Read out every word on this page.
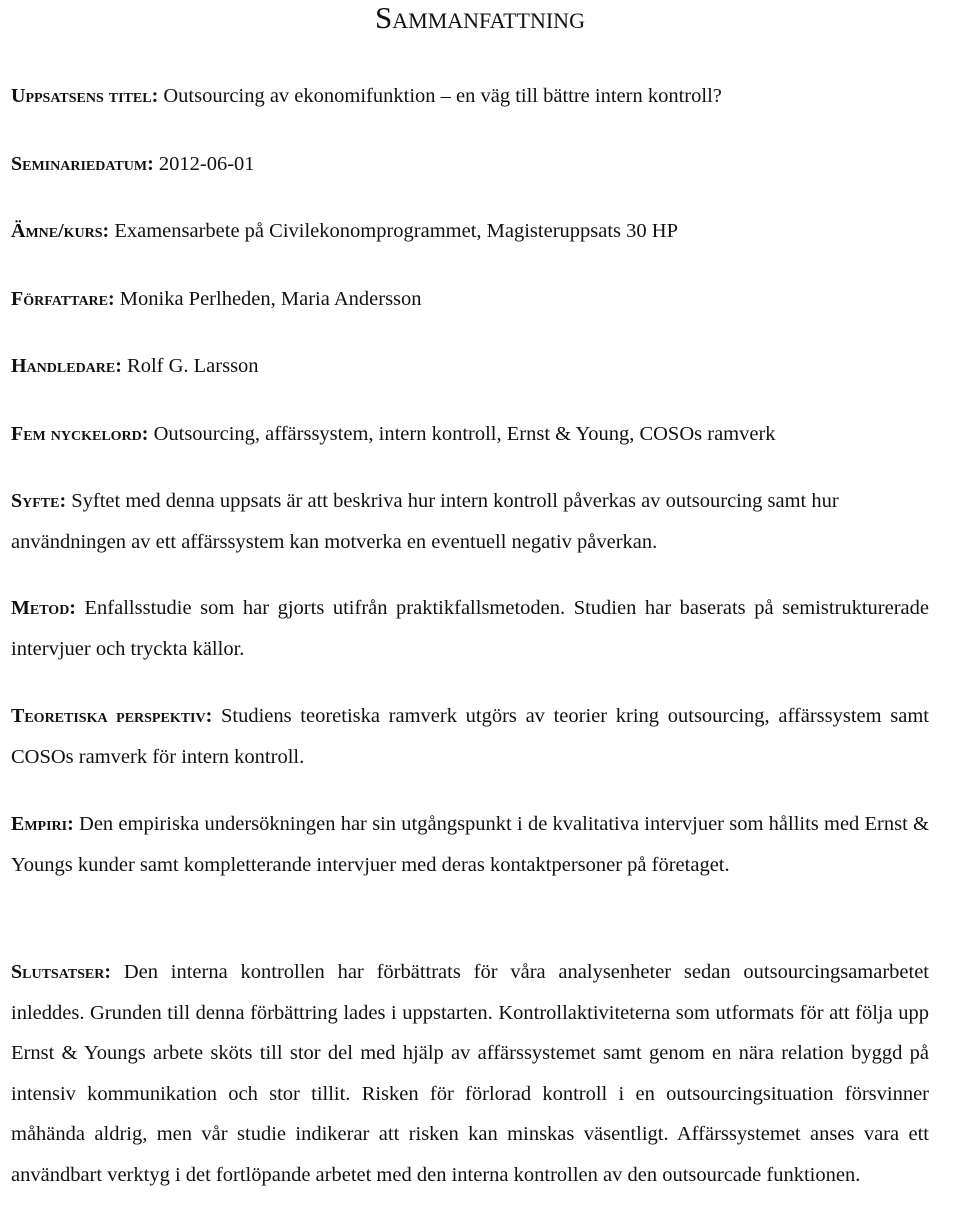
Sammanfattning

Uppsatsens titel: Outsourcing av ekonomifunktion – en väg till bättre intern kontroll?

Seminariedatum: 2012-06-01

Ämne/kurs: Examensarbete på Civilekonomprogrammet, Magisteruppsats 30 HP

Författare: Monika Perlheden, Maria Andersson

Handledare: Rolf G. Larsson

Fem nyckelord: Outsourcing, affärssystem, intern kontroll, Ernst & Young, COSOs ramverk

Syfte: Syftet med denna uppsats är att beskriva hur intern kontroll påverkas av outsourcing samt hur användningen av ett affärssystem kan motverka en eventuell negativ påverkan.

Metod: Enfallsstudie som har gjorts utifrån praktikfallsmetoden. Studien har baserats på semistrukturerade intervjuer och tryckta källor.

Teoretiska perspektiv: Studiens teoretiska ramverk utgörs av teorier kring outsourcing, affärssystem samt COSOs ramverk för intern kontroll.

Empiri: Den empiriska undersökningen har sin utgångspunkt i de kvalitativa intervjuer som hållits med Ernst & Youngs kunder samt kompletterande intervjuer med deras kontaktpersoner på företaget.

Slutsatser: Den interna kontrollen har förbättrats för våra analysenheter sedan outsourcingsamarbetet inleddes. Grunden till denna förbättring lades i uppstarten. Kontrollaktiviteterna som utformats för att följa upp Ernst & Youngs arbete sköts till stor del med hjälp av affärssystemet samt genom en nära relation byggd på intensiv kommunikation och stor tillit. Risken för förlorad kontroll i en outsourcingsituation försvinner måhända aldrig, men vår studie indikerar att risken kan minskas väsentligt. Affärssystemet anses vara ett användbart verktyg i det fortlöpande arbetet med den interna kontrollen av den outsourcade funktionen.
